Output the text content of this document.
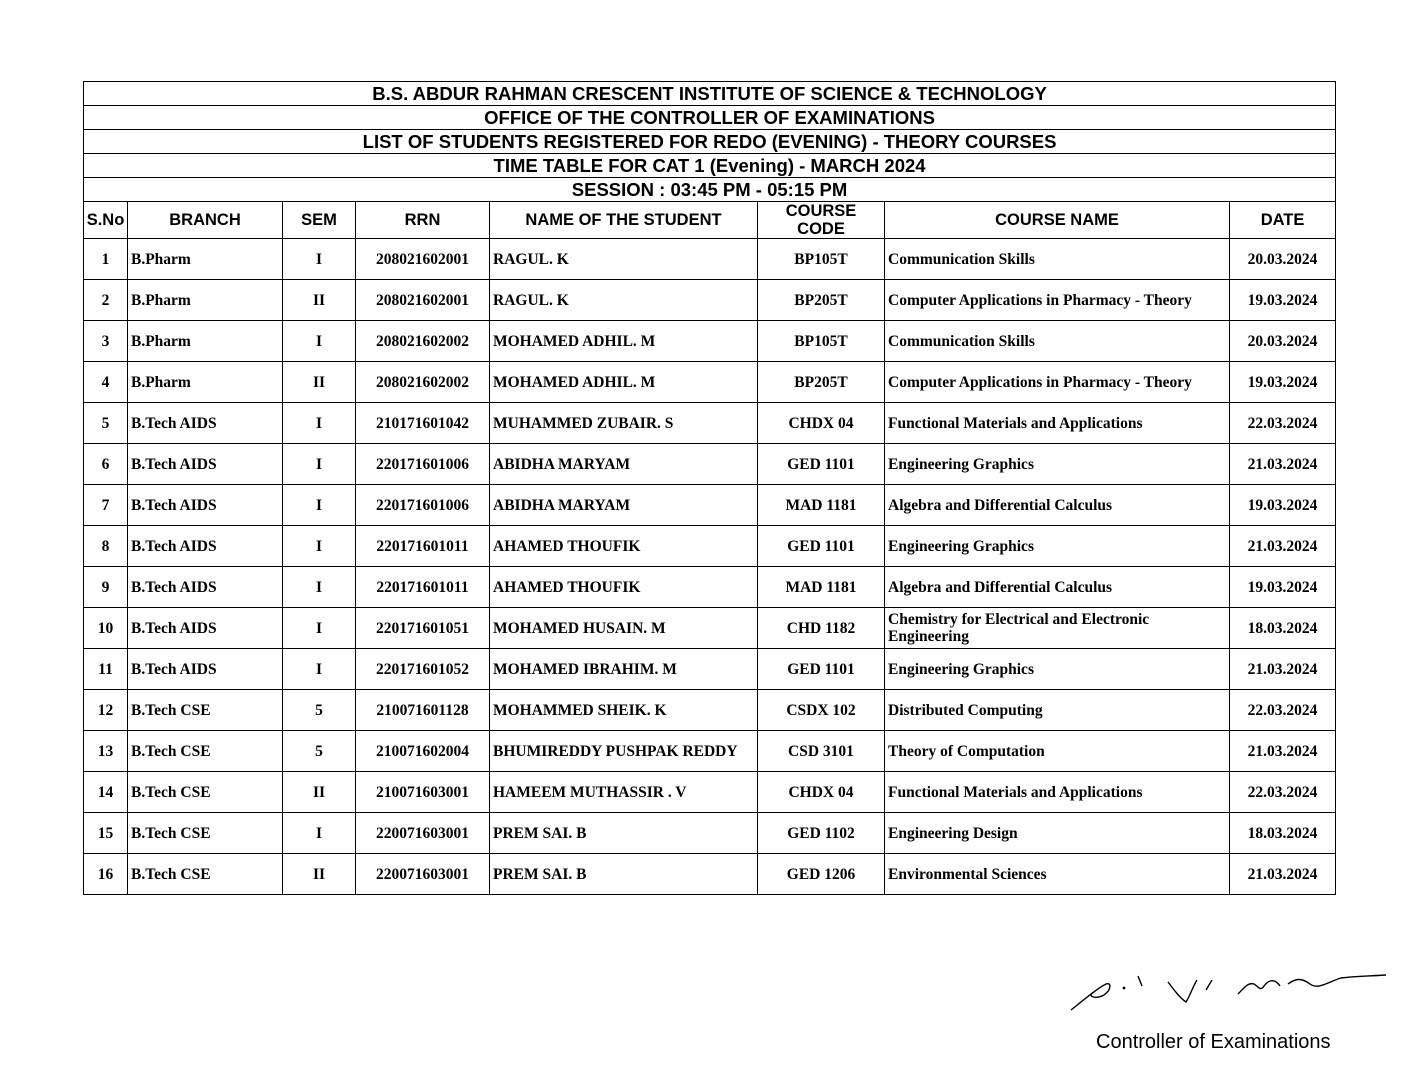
B.S. ABDUR RAHMAN CRESCENT INSTITUTE OF SCIENCE & TECHNOLOGY							
OFFICE OF THE CONTROLLER OF EXAMINATIONS							
LIST OF STUDENTS REGISTERED FOR REDO (EVENING) - THEORY COURSES							
TIME TABLE FOR CAT 1 (Evening) - MARCH 2024							
SESSION : 03:45 PM - 05:15 PM							
S.No	BRANCH	SEM	RRN	NAME OF THE STUDENT	COURSE CODE	COURSE NAME	DATE
1	B.Pharm	I	208021602001	RAGUL. K	BP105T	Communication Skills	20.03.2024
2	B.Pharm	II	208021602001	RAGUL. K	BP205T	Computer Applications in Pharmacy - Theory	19.03.2024
3	B.Pharm	I	208021602002	MOHAMED ADHIL. M	BP105T	Communication Skills	20.03.2024
4	B.Pharm	II	208021602002	MOHAMED ADHIL. M	BP205T	Computer Applications in Pharmacy - Theory	19.03.2024
5	B.Tech AIDS	I	210171601042	MUHAMMED ZUBAIR. S	CHDX 04	Functional Materials and Applications	22.03.2024
6	B.Tech AIDS	I	220171601006	ABIDHA MARYAM	GED 1101	Engineering Graphics	21.03.2024
7	B.Tech AIDS	I	220171601006	ABIDHA MARYAM	MAD 1181	Algebra and Differential Calculus	19.03.2024
8	B.Tech AIDS	I	220171601011	AHAMED THOUFIK	GED 1101	Engineering Graphics	21.03.2024
9	B.Tech AIDS	I	220171601011	AHAMED THOUFIK	MAD 1181	Algebra and Differential Calculus	19.03.2024
10	B.Tech AIDS	I	220171601051	MOHAMED HUSAIN. M	CHD 1182	Chemistry for Electrical and Electronic Engineering	18.03.2024
11	B.Tech AIDS	I	220171601052	MOHAMED IBRAHIM. M	GED 1101	Engineering Graphics	21.03.2024
12	B.Tech CSE	5	210071601128	MOHAMMED SHEIK. K	CSDX 102	Distributed Computing	22.03.2024
13	B.Tech CSE	5	210071602004	BHUMIREDDY PUSHPAK REDDY	CSD 3101	Theory of Computation	21.03.2024
14	B.Tech CSE	II	210071603001	HAMEEM MUTHASSIR . V	CHDX 04	Functional Materials and Applications	22.03.2024
15	B.Tech CSE	I	220071603001	PREM SAI. B	GED 1102	Engineering Design	18.03.2024
16	B.Tech CSE	II	220071603001	PREM SAI. B	GED 1206	Environmental Sciences	21.03.2024
Controller of Examinations
